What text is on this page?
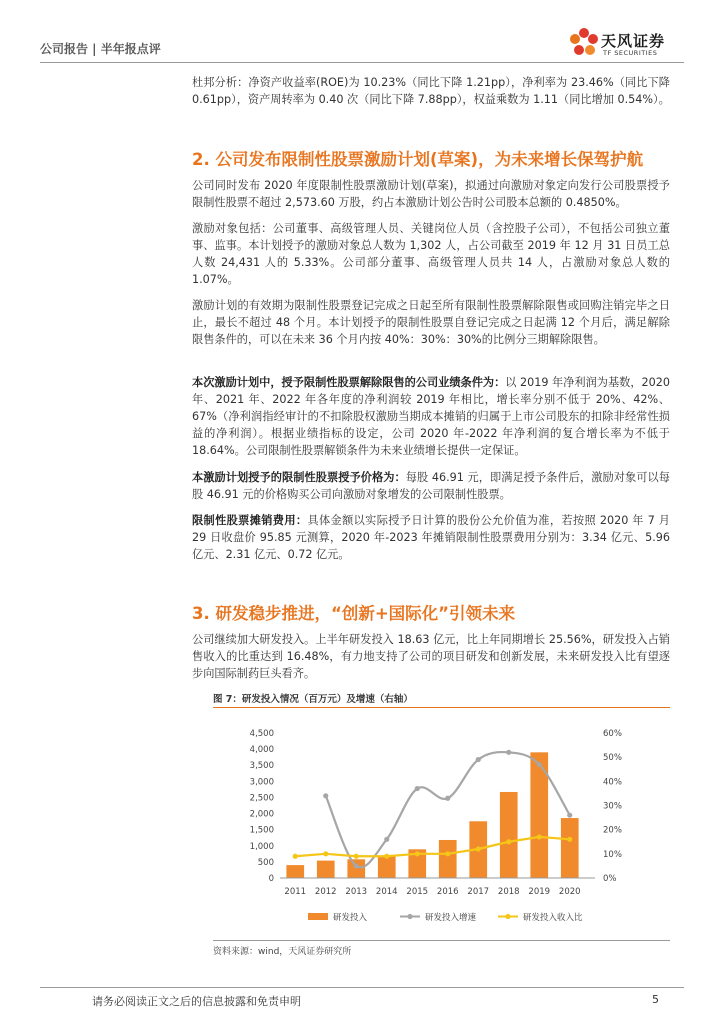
公司报告 | 半年报点评	天风证券
TF SECURITIES
杜邦分析：净资产收益率(ROE)为 10.23%（同比下降 1.21pp），净利率为 23.46%（同比下降 0.61pp），资产周转率为 0.40 次（同比下降 7.88pp），权益乘数为 1.11（同比增加 0.54%）。
2. 公司发布限制性股票激励计划(草案)，为未来增长保驾护航
公司同时发布 2020 年度限制性股票激励计划(草案)，拟通过向激励对象定向发行公司股票授予限制性股票不超过 2,573.60 万股，约占本激励计划公告时公司股本总额的 0.4850%。
激励对象包括：公司董事、高级管理人员、关键岗位人员（含控股子公司），不包括公司独立董事、监事。本计划授予的激励对象总人数为 1,302 人，占公司截至 2019 年 12 月 31 日员工总人数 24,431 人的 5.33%。公司部分董事、高级管理人员共 14 人，占激励对象总人数的 1.07%。
激励计划的有效期为限制性股票登记完成之日起至所有限制性股票解除限售或回购注销完毕之日止，最长不超过 48 个月。本计划授予的限制性股票自登记完成之日起满 12 个月后，满足解除限售条件的，可以在未来 36 个月内按 40%：30%：30%的比例分三期解除限售。
本次激励计划中，授予限制性股票解除限售的公司业绩条件为：以 2019 年净利润为基数，2020 年、2021 年、2022 年各年度的净利润较 2019 年相比，增长率分别不低于 20%、42%、67%（净利润指经审计的不扣除股权激励当期成本摊销的归属于上市公司股东的扣除非经常性损益的净利润）。根据业绩指标的设定，公司 2020 年-2022 年净利润的复合增长率为不低于 18.64%。公司限制性股票解锁条件为未来业绩增长提供一定保证。
本激励计划授予的限制性股票授予价格为：每股 46.91 元，即满足授予条件后，激励对象可以每股 46.91 元的价格购买公司向激励对象增发的公司限制性股票。
限制性股票摊销费用：具体金额以实际授予日计算的股份公允价值为准，若按照 2020 年 7 月 29 日收盘价 95.85 元测算，2020 年-2023 年摊销限制性股票费用分别为：3.34 亿元、5.96 亿元、2.31 亿元、0.72 亿元。
3. 研发稳步推进，“创新+国际化”引领未来
公司继续加大研发投入。上半年研发投入 18.63 亿元，比上年同期增长 25.56%，研发投入占销售收入的比重达到 16.48%，有力地支持了公司的项目研发和创新发展，未来研发投入比有望逐步向国际制药巨头看齐。
图 7：研发投入情况（百万元）及增速（右轴）
0
500
1,000
1,500
2,000
2,500
3,000
3,500
4,000
4,500
0%
10%
20%
30%
40%
50%
60%
2011 2012 2013 2014 2015 2016 2017 2018 2019 2020
研发投入	研发投入增速	研发投入收入比
资料来源：wind，天风证券研究所
请务必阅读正文之后的信息披露和免责申明	5
